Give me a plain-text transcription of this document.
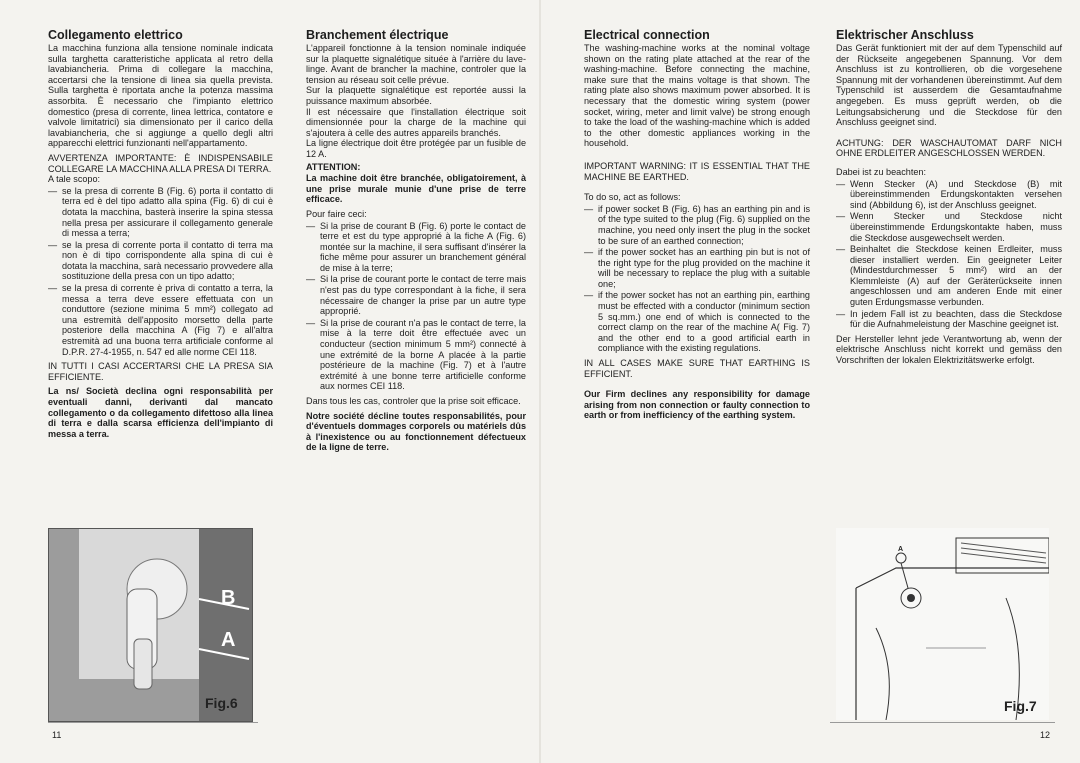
Collegamento elettrico

La macchina funziona alla tensione nominale indicata sulla targhetta caratteristiche applicata al retro della lavabiancheria. Prima di collegare la macchina, accertarsi che la tensione di linea sia quella prevista. Sulla targhetta è riportata anche la potenza massima assorbita. È necessario che l'impianto elettrico domestico (presa di corrente, linea lettrica, contatore e valvole limitatrici) sia dimensionato per il carico della lavabiancheria, che si aggiunge a quello degli altri apparecchi elettrici funzionanti nell'appartamento.

AVVERTENZA IMPORTANTE: È INDISPENSABILE COLLEGARE LA MACCHINA ALLA PRESA DI TERRA.

A tale scopo:

— se la presa di corrente B (Fig. 6) porta il contatto di terra ed è del tipo adatto alla spina (Fig. 6) di cui è dotata la macchina, basterà inserire la spina stessa nella presa per assicurare il collegamento generale di messa a terra;
— se la presa di corrente porta il contatto di terra ma non è di tipo corrispondente alla spina di cui è dotata la macchina, sarà necessario provvedere alla sostituzione della presa con un tipo adatto;
— se la presa di corrente è priva di contatto a terra, la messa a terra deve essere effettuata con un conduttore (sezione minima 5 mm²) collegato ad una estremità dell'apposito morsetto della parte posteriore della macchina A (Fig 7) e all'altra estremità ad una buona terra artificiale conforme al D.P.R. 27-4-1955, n. 547 ed alle norme CEI 118.

IN TUTTI I CASI ACCERTARSI CHE LA PRESA SIA EFFICIENTE.

La ns/ Società declina ogni responsabilità per eventuali danni, derivanti dal mancato collegamento o da collegamento difettoso alla linea di terra e dalla scarsa efficienza dell'impianto di messa a terra.

Branchement électrique

L'appareil fonctionne à la tension nominale indiquée sur la plaquette signalétique située à l'arrière du lave-linge. Avant de brancher la machine, controler que la tension au réseau soit celle prévue.

Sur la plaquette signalétique est reportée aussi la puissance maximum absorbée.

Il est nécessaire que l'installation électrique soit dimensionnée pour la charge de la machine qui s'ajoutera à celle des autres appareils branchés.

La ligne électrique doit être protégée par un fusible de 12 A.

ATTENTION:

La machine doit être branchée, obligatoirement, à une prise murale munie d'une prise de terre efficace.

Pour faire ceci:

— Si la prise de courant B (Fig. 6) porte le contact de terre et est du type approprié à la fiche A (Fig. 6) montée sur la machine, il sera suffisant d'insérer la fiche même pour assurer un branchement général de mise à la terre;
— Si la prise de courant porte le contact de terre mais n'est pas du type correspondant à la fiche, il sera nécessaire de changer la prise par un autre type approprié.
— Si la prise de courant n'a pas le contact de terre, la mise à la terre doit être effectuée avec un conducteur (section minimum 5 mm²) connecté à une extrémité de la borne A placée à la partie postérieure de la machine (Fig. 7) et à l'autre extrémité à une bonne terre artificielle conforme aux normes CEI 118.

Dans tous les cas, controler que la prise soit efficace.

Notre société décline toutes responsabilités, pour d'éventuels dommages corporels ou matériels dûs à l'inexistence ou au fonctionnement défectueux de la ligne de terre.

B
A
Fig.6
11
Electrical connection

The washing-machine works at the nominal voltage shown on the rating plate attached at the rear of the washing-machine. Before connecting the machine, make sure that the mains voltage is that shown. The rating plate also shows maximum power absorbed. It is necessary that the domestic wiring system (power socket, wiring, meter and limit valve) be strong enough to take the load of the washing-machine which is added to the other domestic appliances working in the household.

IMPORTANT WARNING: IT IS ESSENTIAL THAT THE MACHINE BE EARTHED.

To do so, act as follows:

— if power socket B (Fig. 6) has an earthing pin and is of the type suited to the plug (Fig. 6) supplied on the machine, you need only insert the plug in the socket to be sure of an earthed connection;
— if the power socket has an earthing pin but is not of the right type for the plug provided on the machine it will be necessary to replace the plug with a suitable one;
— if the power socket has not an earthing pin, earthing must be effected with a conductor (minimum section 5 sq.mm.) one end of which is connected to the correct clamp on the rear of the machine A( Fig. 7) and the other end to a good artificial earth in compliance with the existing regulations.

IN ALL CASES MAKE SURE THAT EARTHING IS EFFICIENT.

Our Firm declines any responsibility for damage arising from non connection or faulty connection to earth or from inefficiency of the earthing system.

Elektrischer Anschluss

Das Gerät funktioniert mit der auf dem Typenschild auf der Rückseite angegebenen Spannung. Vor dem Anschluss ist zu kontrollieren, ob die vorgesehene Spannung mit der vorhandenen übereinstimmt. Auf dem Typenschild ist ausserdem die Gesamtaufnahme angegeben. Es muss geprüft werden, ob die Leitungsabsicherung und die Steckdose für den Anschluss geeignet sind.

ACHTUNG: DER WASCHAUTOMAT DARF NICH OHNE ERDLEITER ANGESCHLOSSEN WERDEN.

Dabei ist zu beachten:

— Wenn Stecker (A) und Steckdose (B) mit übereinstimmenden Erdungskontakten versehen sind (Abbildung 6), ist der Anschluss geeignet.
— Wenn Stecker und Steckdose nicht übereinstimmende Erdungskontakte haben, muss die Steckdose ausgewechselt werden.
— Beinhaltet die Steckdose keinen Erdleiter, muss dieser installiert werden. Ein geeigneter Leiter (Mindestdurchmesser 5 mm²) wird an der Klemmleiste (A) auf der Geräterückseite innen angeschlossen und am anderen Ende mit einer guten Erdungsmasse verbunden.
— In jedem Fall ist zu beachten, dass die Steckdose für die Aufnahmeleistung der Maschine geeignet ist.

Der Hersteller lehnt jede Verantwortung ab, wenn der elektrische Anschluss nicht korrekt und gemäss den Vorschriften der lokalen Elektrizitätswerke erfolgt.

A
Fig.7
12
